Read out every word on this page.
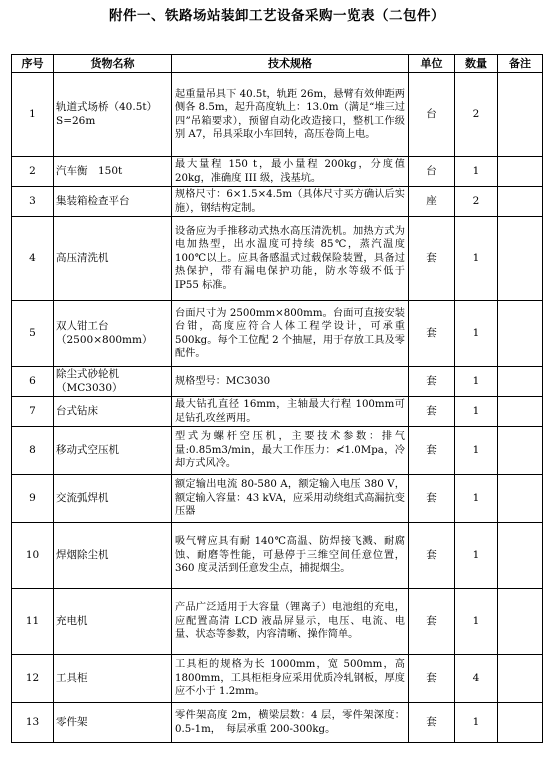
附件一、铁路场站装卸工艺设备采购一览表（二包件）
序号	货物名称	技术规格	单位	数量	备注
1	轨道式场桥（40.5t）S=26m	起重量吊具下 40.5t，轨距 26m，悬臂有效伸距两侧各 8.5m，起升高度轨上：13.0m（满足“堆三过四”吊箱要求），预留自动化改造接口，整机工作级别 A7，吊具采取小车回转，高压卷筒上电。	台	2	
2	汽车衡　150t	最大量程 150 t，最小量程 200kg，分度值 20kg，准确度 III 级，浅基坑。	台	1	
3	集装箱检查平台	规格尺寸：6×1.5×4.5m（具体尺寸买方确认后实施），钢结构定制。	座	2	
4	高压清洗机	设备应为手推移动式热水高压清洗机。加热方式为电加热型，出水温度可持续 85℃，蒸汽温度 100℃以上。应具备感温式过载保险装置，具备过热保护，带有漏电保护功能，防水等级不低于 IP55 标准。	套	1	
5	双人钳工台（2500×800mm）	台面尺寸为 2500mm×800mm。台面可直接安装台钳，高度应符合人体工程学设计，可承重 500kg。每个工位配 2 个抽屉，用于存放工具及零配件。	套	1	
6	除尘式砂轮机（MC3030）	规格型号：MC3030	套	1	
7	台式钻床	最大钻孔直径 16mm，主轴最大行程 100mm可足钻孔攻丝两用。	套	1	
8	移动式空压机	型式为螺杆空压机，主要技术参数：排气量:0.85m3/min，最大工作压力：≮1.0Mpa，冷却方式风冷。	套	1	
9	交流弧焊机	额定输出电流 80-580 A，额定输入电压 380 V，额定输入容量：43 kVA，应采用动绕组式高漏抗变压器	套	1	
10	焊烟除尘机	吸气臂应具有耐 140℃高温、防焊接飞溅、耐腐蚀、耐磨等性能，可悬停于三维空间任意位置，360 度灵活到任意发尘点，捕捉烟尘。	套	1	
11	充电机	产品广泛适用于大容量（锂离子）电池组的充电，应配置高清 LCD 液晶屏显示，电压、电流、电量、状态等参数，内容清晰、操作简单。	套	1	
12	工具柜	工具柜的规格为长 1000mm，宽 500mm，高 1800mm，工具柜柜身应采用优质冷轧钢板，厚度应不小于 1.2mm。	套	4	
13	零件架	零件架高度 2m，横梁层数：4 层，零件架深度：0.5-1m，　每层承重 200-300kg。	套	1	
